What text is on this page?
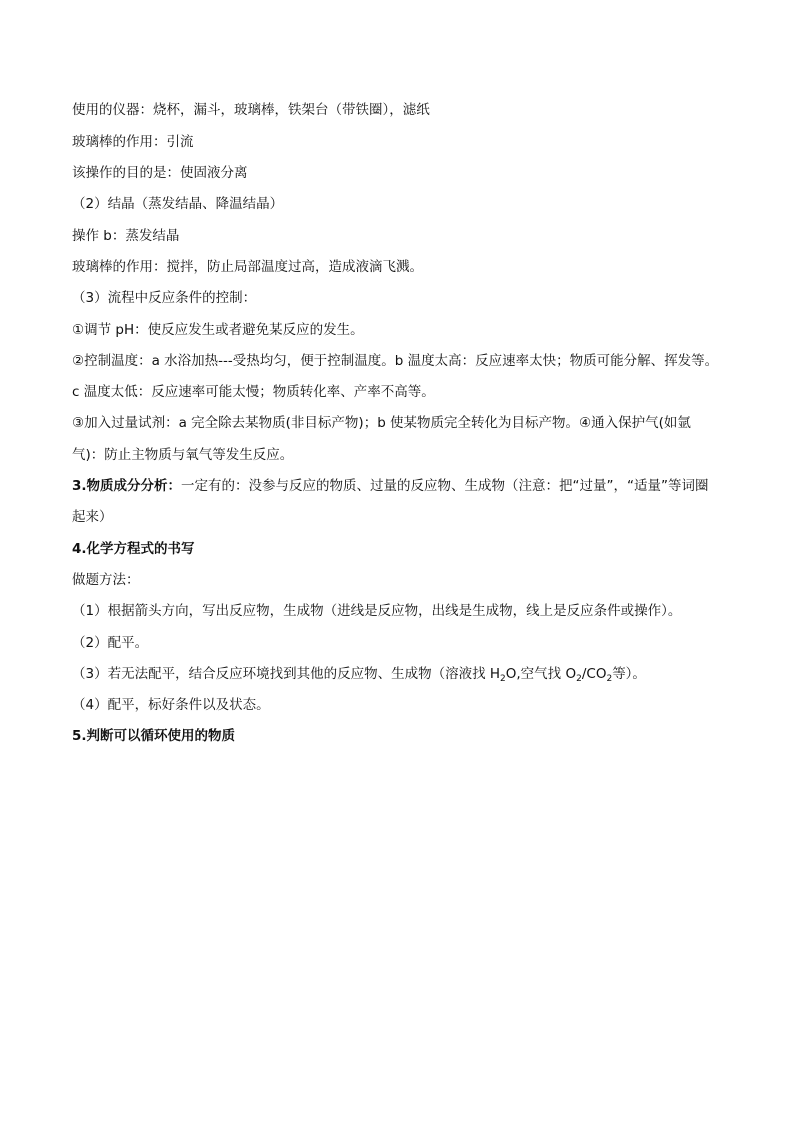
使用的仪器：烧杯，漏斗，玻璃棒，铁架台（带铁圈），滤纸
玻璃棒的作用：引流
该操作的目的是：使固液分离
（2）结晶（蒸发结晶、降温结晶）
操作 b：蒸发结晶
玻璃棒的作用：搅拌，防止局部温度过高，造成液滴飞溅。
（3）流程中反应条件的控制：
①调节 pH：使反应发生或者避免某反应的发生。
②控制温度：a 水浴加热---受热均匀，便于控制温度。b 温度太高：反应速率太快；物质可能分解、挥发等。
c 温度太低：反应速率可能太慢；物质转化率、产率不高等。
③加入过量试剂：a 完全除去某物质(非目标产物)；b 使某物质完全转化为目标产物。④通入保护气(如氩
气)：防止主物质与氧气等发生反应。
3.物质成分分析：一定有的：没参与反应的物质、过量的反应物、生成物（注意：把“过量”，“适量”等词圈
起来）
4.化学方程式的书写
做题方法：
（1）根据箭头方向，写出反应物，生成物（进线是反应物，出线是生成物，线上是反应条件或操作）。
（2）配平。
（3）若无法配平，结合反应环境找到其他的反应物、生成物（溶液找 $H_2O$,空气找 $O_2/CO_2$等）。
（4）配平，标好条件以及状态。
5.判断可以循环使用的物质
